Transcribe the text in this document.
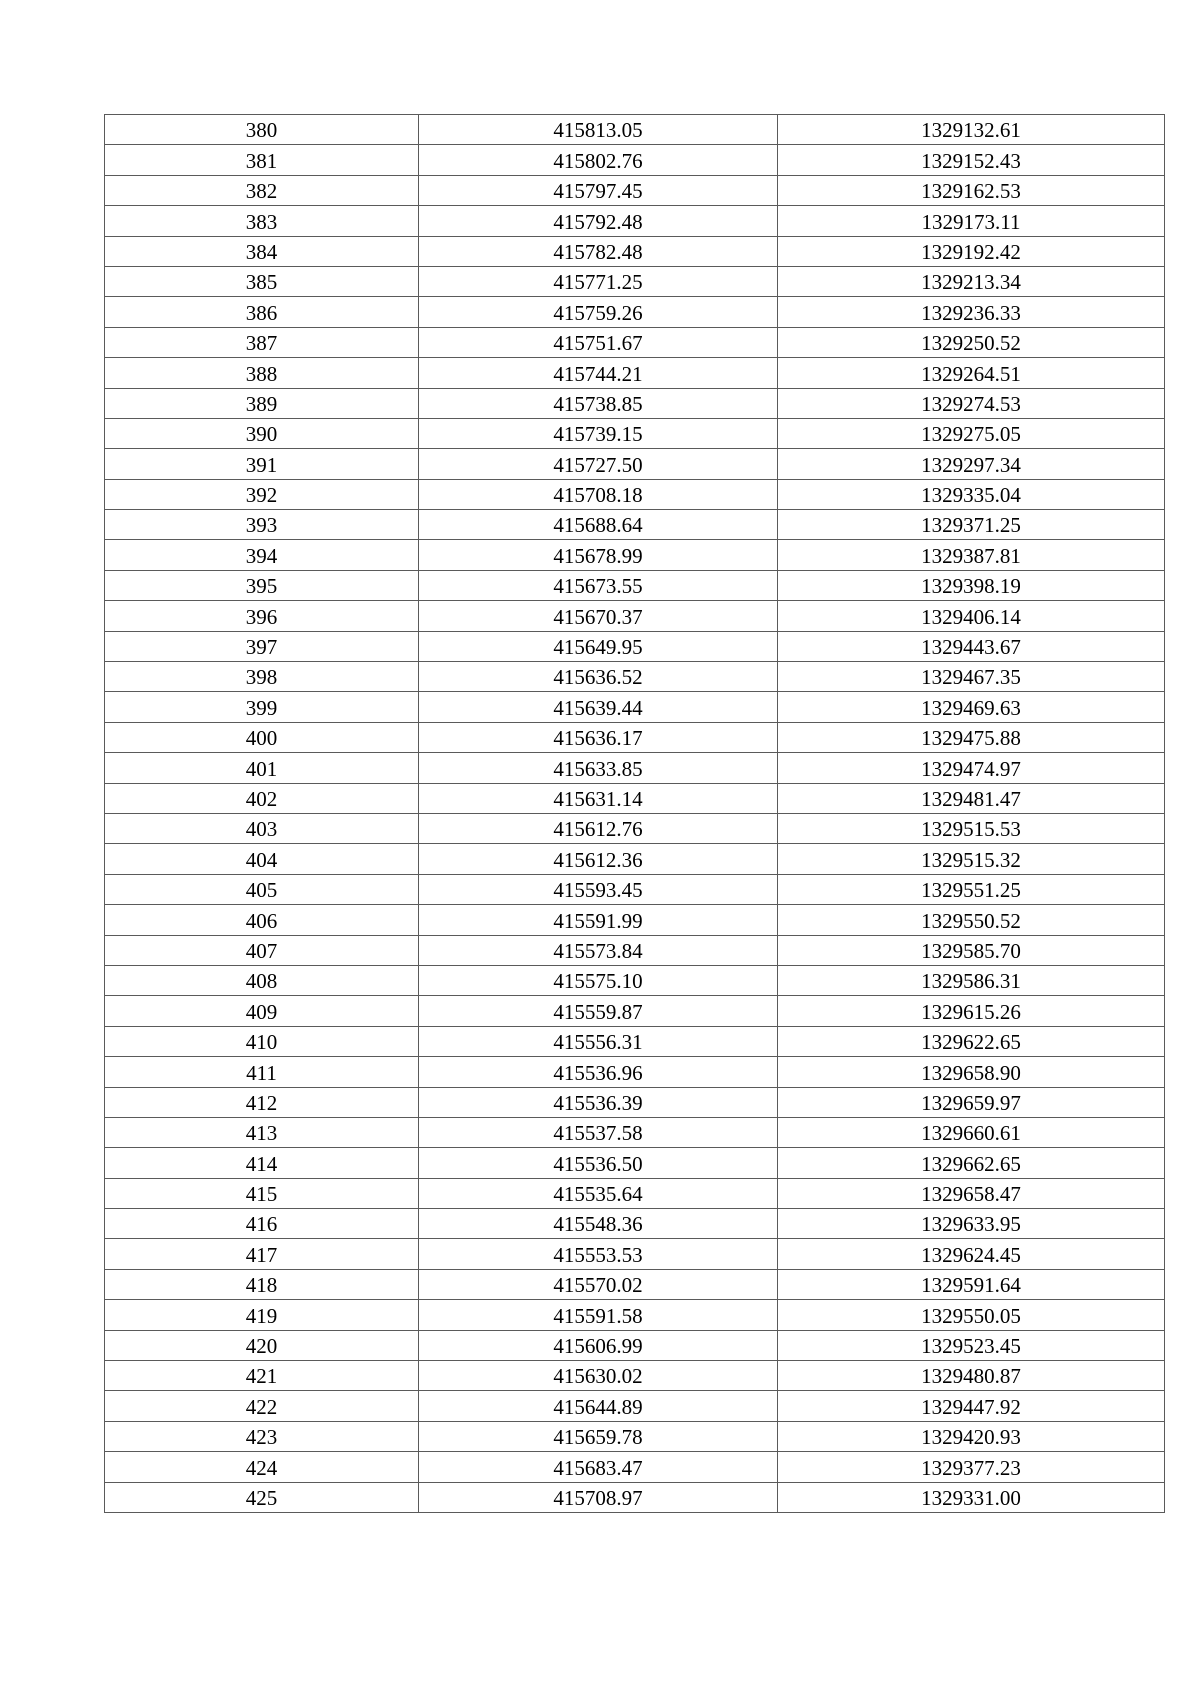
380	415813.05	1329132.61
381	415802.76	1329152.43
382	415797.45	1329162.53
383	415792.48	1329173.11
384	415782.48	1329192.42
385	415771.25	1329213.34
386	415759.26	1329236.33
387	415751.67	1329250.52
388	415744.21	1329264.51
389	415738.85	1329274.53
390	415739.15	1329275.05
391	415727.50	1329297.34
392	415708.18	1329335.04
393	415688.64	1329371.25
394	415678.99	1329387.81
395	415673.55	1329398.19
396	415670.37	1329406.14
397	415649.95	1329443.67
398	415636.52	1329467.35
399	415639.44	1329469.63
400	415636.17	1329475.88
401	415633.85	1329474.97
402	415631.14	1329481.47
403	415612.76	1329515.53
404	415612.36	1329515.32
405	415593.45	1329551.25
406	415591.99	1329550.52
407	415573.84	1329585.70
408	415575.10	1329586.31
409	415559.87	1329615.26
410	415556.31	1329622.65
411	415536.96	1329658.90
412	415536.39	1329659.97
413	415537.58	1329660.61
414	415536.50	1329662.65
415	415535.64	1329658.47
416	415548.36	1329633.95
417	415553.53	1329624.45
418	415570.02	1329591.64
419	415591.58	1329550.05
420	415606.99	1329523.45
421	415630.02	1329480.87
422	415644.89	1329447.92
423	415659.78	1329420.93
424	415683.47	1329377.23
425	415708.97	1329331.00
